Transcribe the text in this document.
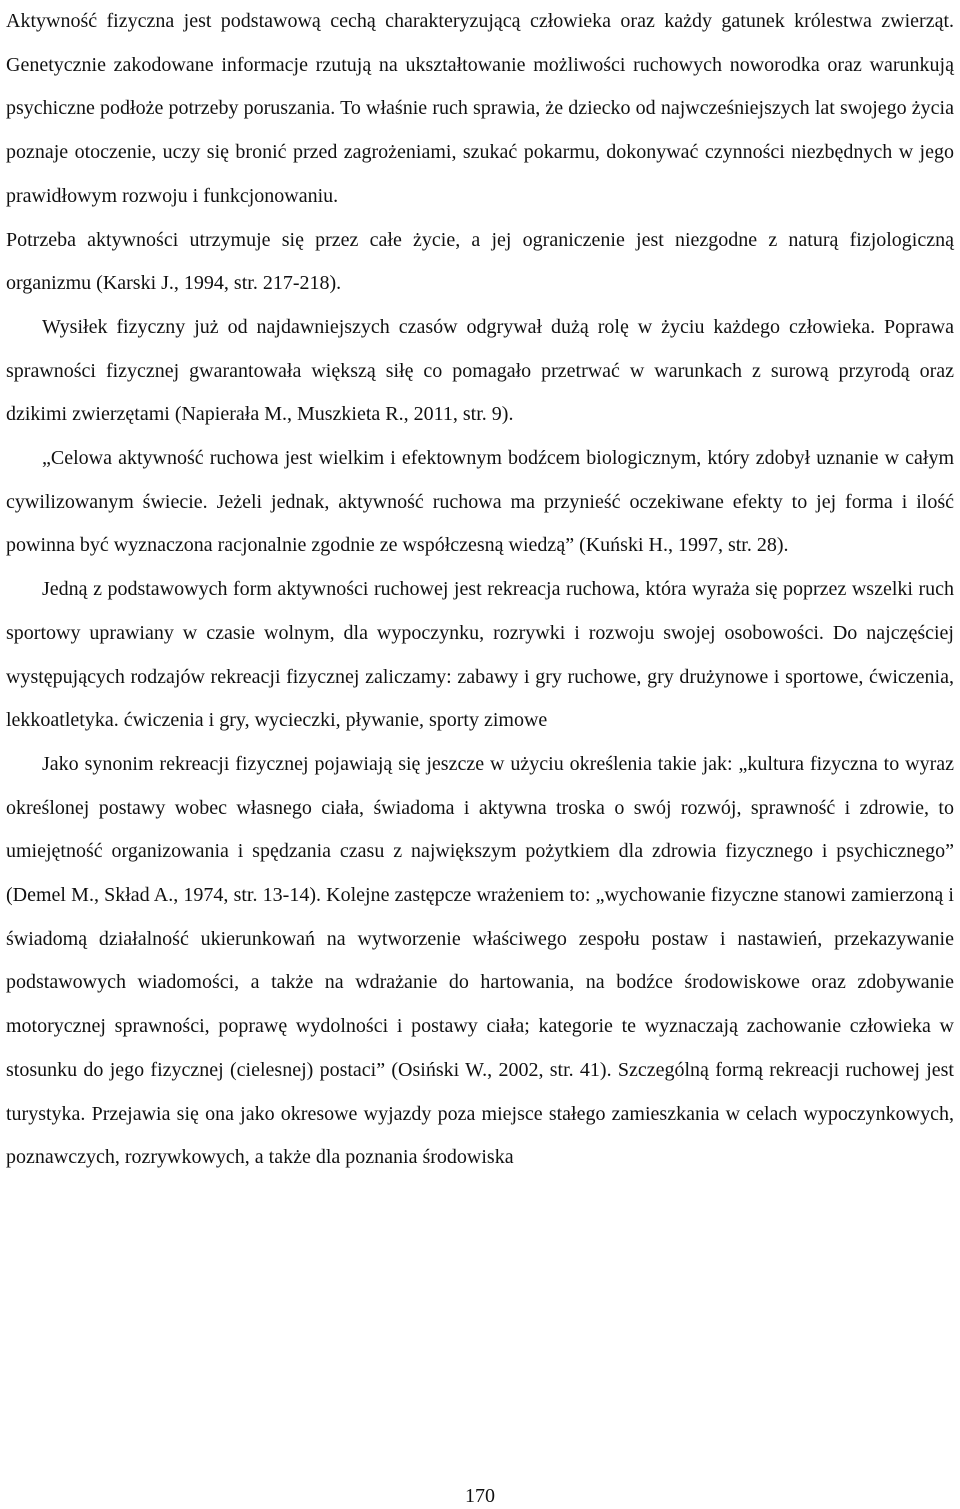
Aktywność fizyczna jest podstawową cechą charakteryzującą człowieka oraz każdy gatunek królestwa zwierząt. Genetycznie zakodowane informacje rzutują na ukształtowanie możliwości ruchowych noworodka oraz warunkują psychiczne podłoże potrzeby poruszania. To właśnie ruch sprawia, że dziecko od najwcześniejszych lat swojego życia poznaje otoczenie, uczy się bronić przed zagrożeniami, szukać pokarmu, dokonywać czynności niezbędnych w jego prawidłowym rozwoju i funkcjonowaniu.

Potrzeba aktywności utrzymuje się przez całe życie, a jej ograniczenie jest niezgodne z naturą fizjologiczną organizmu (Karski J., 1994, str. 217-218).

Wysiłek fizyczny już od najdawniejszych czasów odgrywał dużą rolę w życiu każdego człowieka. Poprawa sprawności fizycznej gwarantowała większą siłę co pomagało przetrwać w warunkach z surową przyrodą oraz dzikimi zwierzętami (Napierała M., Muszkieta R., 2011, str. 9).

„Celowa aktywność ruchowa jest wielkim i efektownym bodźcem biologicznym, który zdobył uznanie w całym cywilizowanym świecie. Jeżeli jednak, aktywność ruchowa ma przynieść oczekiwane efekty to jej forma i ilość powinna być wyznaczona racjonalnie zgodnie ze współczesną wiedzą” (Kuński H., 1997, str. 28).

Jedną z podstawowych form aktywności ruchowej jest rekreacja ruchowa, która wyraża się poprzez wszelki ruch sportowy uprawiany w czasie wolnym, dla wypoczynku, rozrywki i rozwoju swojej osobowości. Do najczęściej występujących rodzajów rekreacji fizycznej zaliczamy: zabawy i gry ruchowe, gry drużynowe i sportowe, ćwiczenia, lekkoatletyka. ćwiczenia i gry, wycieczki, pływanie, sporty zimowe

Jako synonim rekreacji fizycznej pojawiają się jeszcze w użyciu określenia takie jak: „kultura fizyczna to wyraz określonej postawy wobec własnego ciała, świadoma i aktywna troska o swój rozwój, sprawność i zdrowie, to umiejętność organizowania i spędzania czasu z największym pożytkiem dla zdrowia fizycznego i psychicznego” (Demel M., Skład A., 1974, str. 13-14). Kolejne zastępcze wrażeniem to: „wychowanie fizyczne stanowi zamierzoną i świadomą działalność ukierunkowań na wytworzenie właściwego zespołu postaw i nastawień, przekazywanie podstawowych wiadomości, a także na wdrażanie do hartowania, na bodźce środowiskowe oraz zdobywanie motorycznej sprawności, poprawę wydolności i postawy ciała; kategorie te wyznaczają zachowanie człowieka w stosunku do jego fizycznej (cielesnej) postaci” (Osiński W., 2002, str. 41). Szczególną formą rekreacji ruchowej jest turystyka. Przejawia się ona jako okresowe wyjazdy poza miejsce stałego zamieszkania w celach wypoczynkowych, poznawczych, rozrywkowych, a także dla poznania środowiska

170
